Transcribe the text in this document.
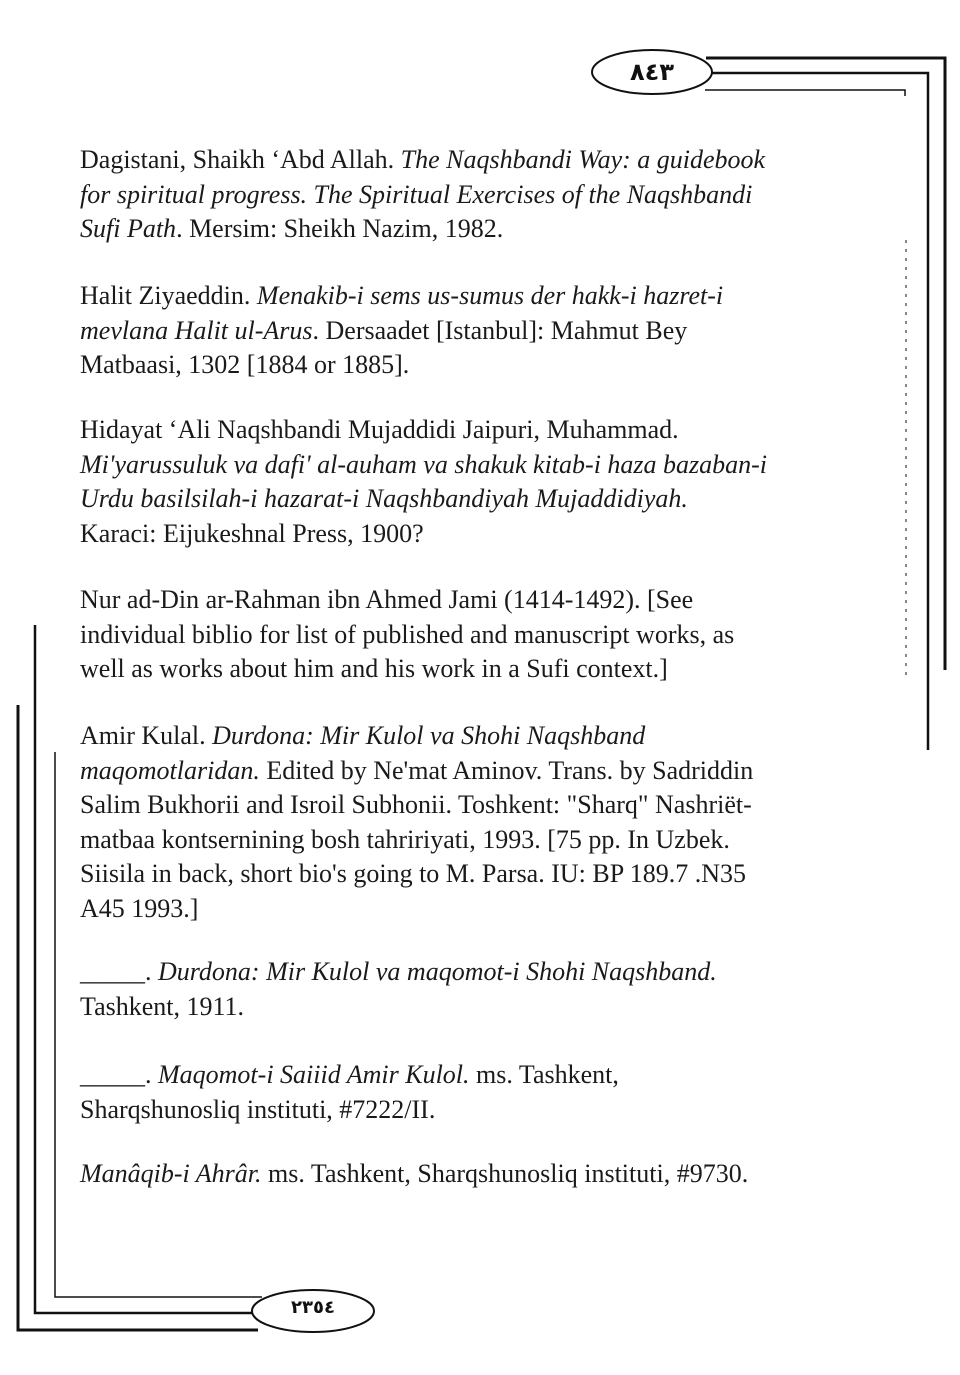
٨٤٣
٢٣٥٤
Dagistani, Shaikh ‘Abd Allah. The Naqshbandi Way: a guidebook
for spiritual progress. The Spiritual Exercises of the Naqshbandi
Sufi Path. Mersim: Sheikh Nazim, 1982.
Halit Ziyaeddin. Menakib-i sems us-sumus der hakk-i hazret-i
mevlana Halit ul-Arus. Dersaadet [Istanbul]: Mahmut Bey
Matbaasi, 1302 [1884 or 1885].
Hidayat ‘Ali Naqshbandi Mujaddidi Jaipuri, Muhammad.
Mi'yarussuluk va dafi' al-auham va shakuk kitab-i haza bazaban-i
Urdu basilsilah-i hazarat-i Naqshbandiyah Mujaddidiyah.
Karaci: Eijukeshnal Press, 1900?
Nur ad-Din ar-Rahman ibn Ahmed Jami (1414-1492). [See
individual biblio for list of published and manuscript works, as
well as works about him and his work in a Sufi context.]
Amir Kulal. Durdona: Mir Kulol va Shohi Naqshband
maqomotlaridan. Edited by Ne'mat Aminov. Trans. by Sadriddin
Salim Bukhorii and Isroil Subhonii. Toshkent: "Sharq" Nashriët-
matbaa kontsernining bosh tahririyati, 1993. [75 pp. In Uzbek.
Siisila in back, short bio's going to M. Parsa. IU: BP 189.7 .N35
A45 1993.]
_____. Durdona: Mir Kulol va maqomot-i Shohi Naqshband.
Tashkent, 1911.
_____. Maqomot-i Saiiid Amir Kulol. ms. Tashkent,
Sharqshunosliq instituti, #7222/II.
Manâqib-i Ahrâr. ms. Tashkent, Sharqshunosliq instituti, #9730.
